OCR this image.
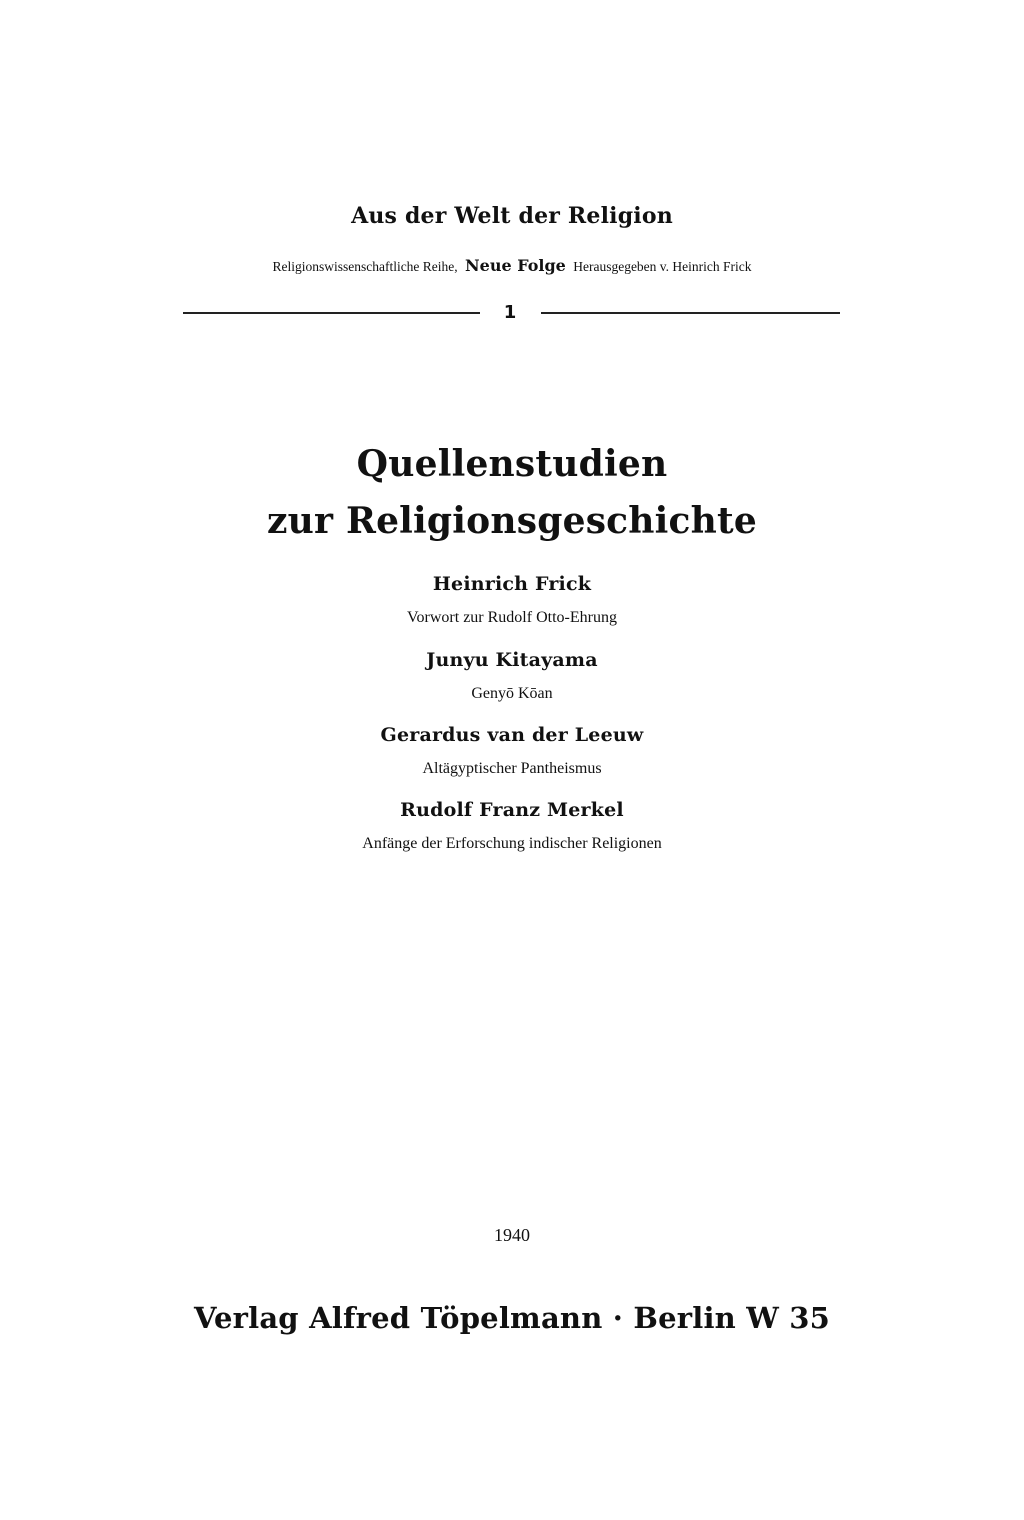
Aus der Welt der Religion
Religionswissenschaftliche Reihe, Neue Folge Herausgegeben v. Heinrich Frick
1
Quellenstudien
zur Religionsgeschichte
Heinrich Frick
Vorwort zur Rudolf Otto-Ehrung
Junyu Kitayama
Genyō Kōan
Gerardus van der Leeuw
Altägyptischer Pantheismus
Rudolf Franz Merkel
Anfänge der Erforschung indischer Religionen
1940
Verlag Alfred Töpelmann · Berlin W 35
